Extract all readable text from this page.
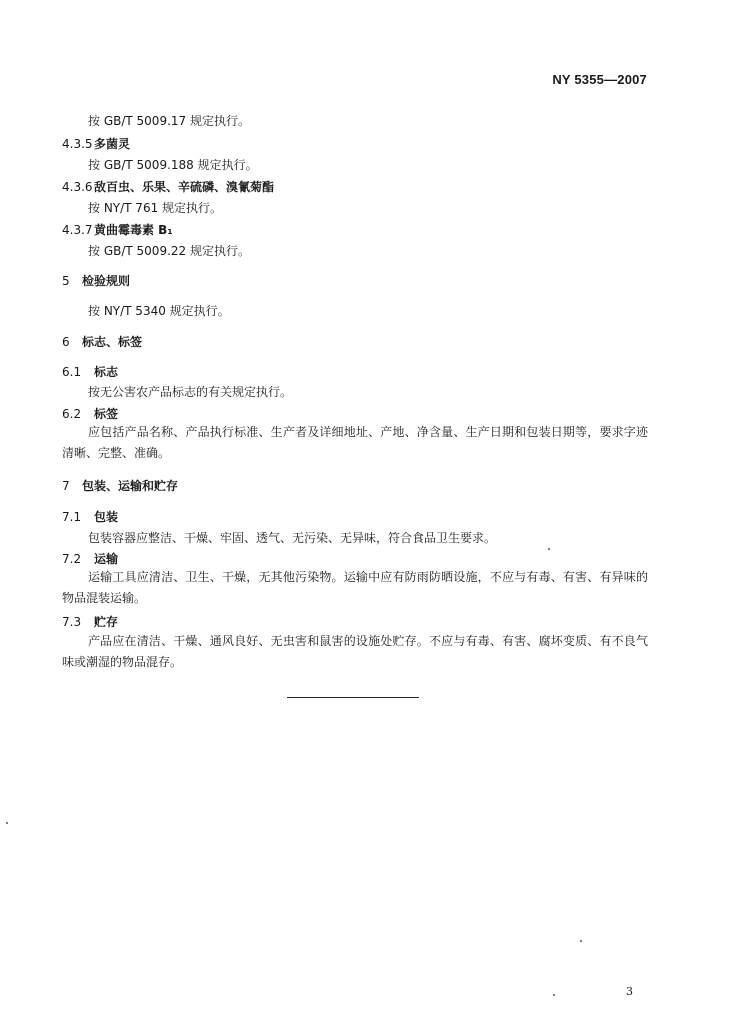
NY 5355—2007
按 GB/T 5009.17 规定执行。
4.3.5多菌灵
按 GB/T 5009.188 规定执行。
4.3.6敌百虫、乐果、辛硫磷、溴氰菊酯
按 NY/T 761 规定执行。
4.3.7黄曲霉毒素 B₁
按 GB/T 5009.22 规定执行。
5 检验规则
按 NY/T 5340 规定执行。
6 标志、标签
6.1 标志
按无公害农产品标志的有关规定执行。
6.2 标签
应包括产品名称、产品执行标准、生产者及详细地址、产地、净含量、生产日期和包装日期等，要求字迹清晰、完整、准确。
7 包装、运输和贮存
7.1 包装
包装容器应整洁、干燥、牢固、透气、无污染、无异味，符合食品卫生要求。
7.2 运输
运输工具应清洁、卫生、干燥，无其他污染物。运输中应有防雨防晒设施，不应与有毒、有害、有异味的物品混装运输。
7.3 贮存
产品应在清洁、干燥、通风良好、无虫害和鼠害的设施处贮存。不应与有毒、有害、腐坏变质、有不良气味或潮湿的物品混存。
3
